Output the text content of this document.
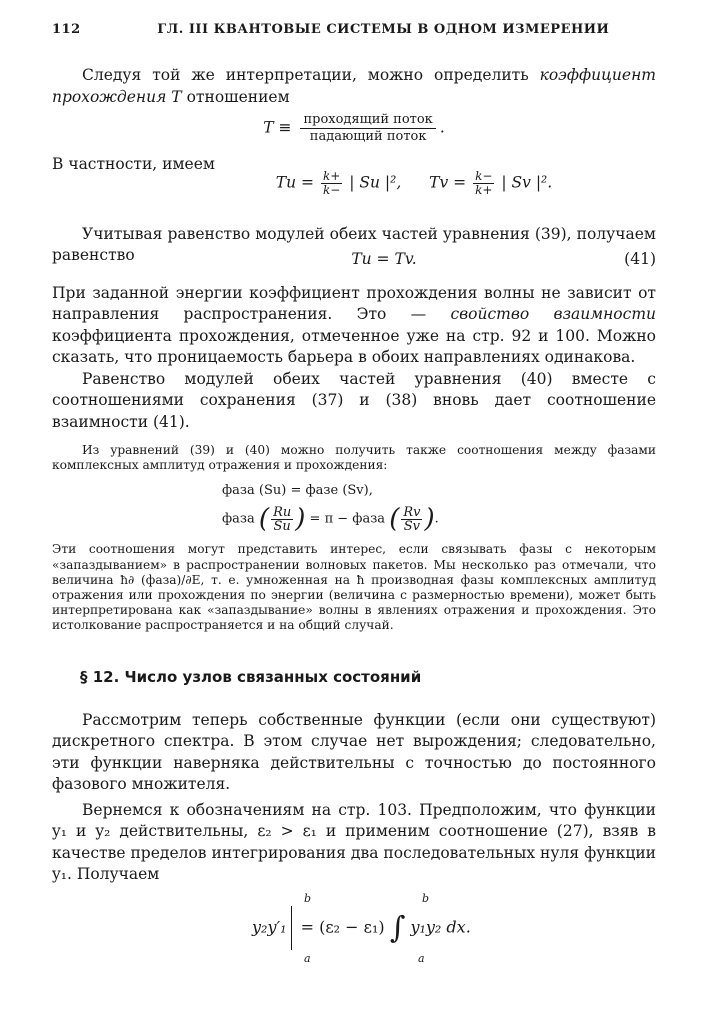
112	ГЛ. III КВАНТОВЫЕ СИСТЕМЫ В ОДНОМ ИЗМЕРЕНИИ

Следуя той же интерпретации, можно определить коэффициент прохождения T отношением

$T \equiv \frac{\text{проходящий поток}}{\text{падающий поток}}$ .

В частности, имеем

$Tu = \frac{k+}{k-}$ | Su |², $Tv = \frac{k-}{k+}$ | Sv |².

Учитывая равенство модулей обеих частей уравнения (39), получаем равенство	Tu = Tv.	(41)

При заданной энергии коэффициент прохождения волны не зависит от направления распространения. Это — свойство взаимности коэффициента прохождения, отмеченное уже на стр. 92 и 100. Можно сказать, что проницаемость барьера в обоих направлениях одинакова.

Равенство модулей обеих частей уравнения (40) вместе с соотношениями сохранения (37) и (38) вновь дает соотношение взаимности (41).

Из уравнений (39) и (40) можно получить также соотношения между фазами комплексных амплитуд отражения и прохождения:

фаза (Su) = фазе (Sv),
фаза ( $\frac{Ru}{Su}$ ) = π − фаза ( $\frac{Rv}{Sv}$ ).

Эти соотношения могут представить интерес, если связывать фазы с некоторым «запаздыванием» в распространении волновых пакетов. Мы несколько раз отмечали, что величина ħ∂ (фаза)/∂E, т. е. умноженная на ħ производная фазы комплексных амплитуд отражения или прохождения по энергии (величина с размерностью времени), может быть интерпретирована как «запаздывание» волны в явлениях отражения и прохождения. Это истолкование распространяется и на общий случай.

§ 12. Число узлов связанных состояний

Рассмотрим теперь собственные функции (если они существуют) дискретного спектра. В этом случае нет вырождения; следовательно, эти функции наверняка действительны с точностью до постоянного фазового множителя.

Вернемся к обозначениям на стр. 103. Предположим, что функции y₁ и y₂ действительны, ε₂ > ε₁ и применим соотношение (27), взяв в качестве пределов интегрирования два последовательных нуля функции y₁. Получаем

y₂y′₁ = (ε₂ − ε₁) ∫ y₁y₂ dx.
b
a
b
a
